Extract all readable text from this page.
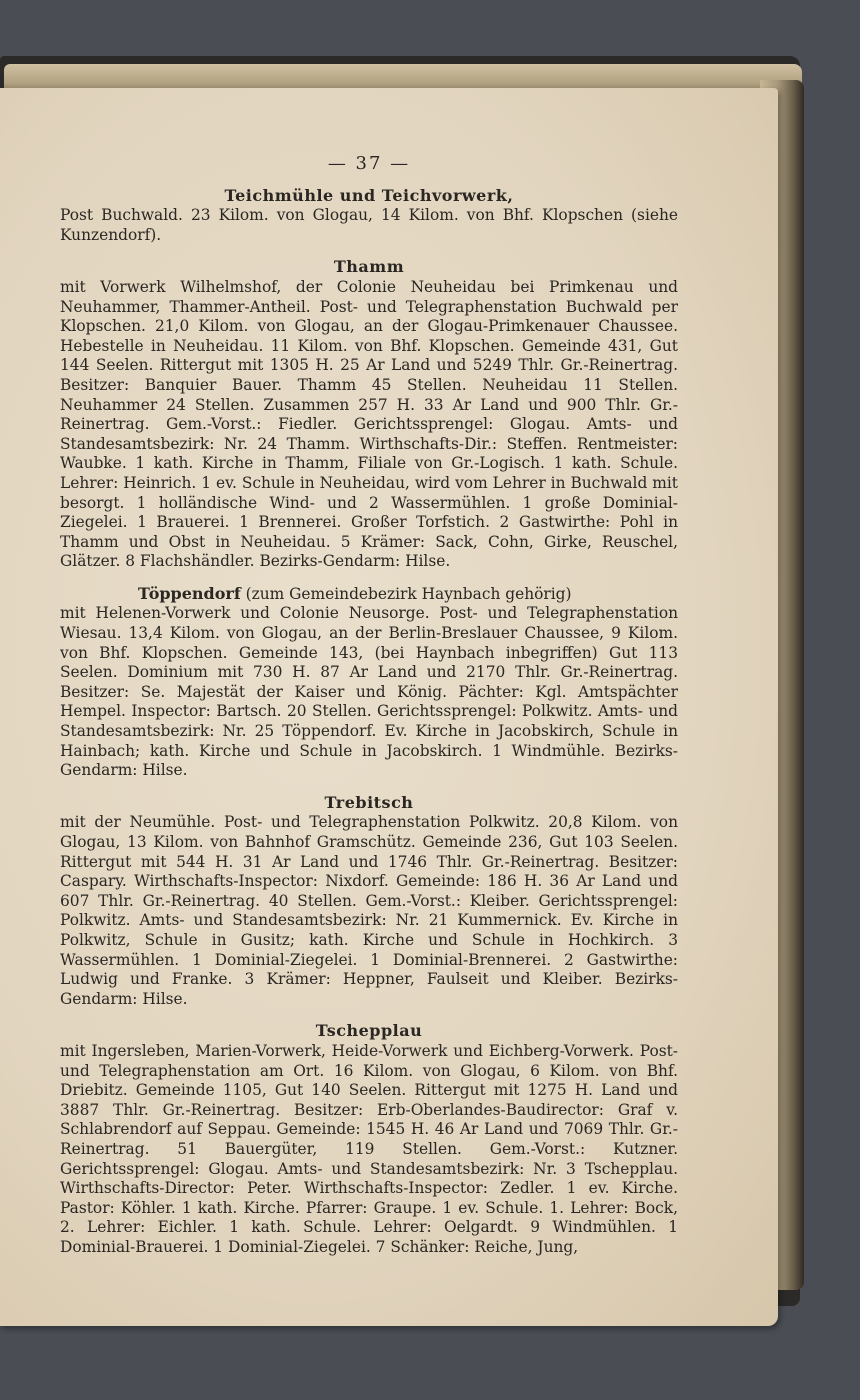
— 37 —
Teichmühle und Teichvorwerk,
Post Buchwald. 23 Kilom. von Glogau, 14 Kilom. von Bhf. Klopschen (siehe Kunzendorf).
Thamm
mit Vorwerk Wilhelmshof, der Colonie Neuheidau bei Primkenau und Neuhammer, Thammer-Antheil. Post- und Telegraphenstation Buchwald per Klopschen. 21,0 Kilom. von Glogau, an der Glogau-Primkenauer Chaussee. Hebestelle in Neuheidau. 11 Kilom. von Bhf. Klopschen. Gemeinde 431, Gut 144 Seelen. Rittergut mit 1305 H. 25 Ar Land und 5249 Thlr. Gr.-Reinertrag. Besitzer: Banquier Bauer. Thamm 45 Stellen. Neuheidau 11 Stellen. Neuhammer 24 Stellen. Zusammen 257 H. 33 Ar Land und 900 Thlr. Gr.-Reinertrag. Gem.-Vorst.: Fiedler. Gerichtssprengel: Glogau. Amts- und Standesamtsbezirk: Nr. 24 Thamm. Wirthschafts-Dir.: Steffen. Rentmeister: Waubke. 1 kath. Kirche in Thamm, Filiale von Gr.-Logisch. 1 kath. Schule. Lehrer: Heinrich. 1 ev. Schule in Neuheidau, wird vom Lehrer in Buchwald mit besorgt. 1 holländische Wind- und 2 Wassermühlen. 1 große Dominial-Ziegelei. 1 Brauerei. 1 Brennerei. Großer Torfstich. 2 Gastwirthe: Pohl in Thamm und Obst in Neuheidau. 5 Krämer: Sack, Cohn, Girke, Reuschel, Glätzer. 8 Flachshändler. Bezirks-Gendarm: Hilse.
Töppendorf (zum Gemeindebezirk Haynbach gehörig)
mit Helenen-Vorwerk und Colonie Neusorge. Post- und Telegraphenstation Wiesau. 13,4 Kilom. von Glogau, an der Berlin-Breslauer Chaussee, 9 Kilom. von Bhf. Klopschen. Gemeinde 143, (bei Haynbach inbegriffen) Gut 113 Seelen. Dominium mit 730 H. 87 Ar Land und 2170 Thlr. Gr.-Reinertrag. Besitzer: Se. Majestät der Kaiser und König. Pächter: Kgl. Amtspächter Hempel. Inspector: Bartsch. 20 Stellen. Gerichtssprengel: Polkwitz. Amts- und Standesamtsbezirk: Nr. 25 Töppendorf. Ev. Kirche in Jacobskirch, Schule in Hainbach; kath. Kirche und Schule in Jacobskirch. 1 Windmühle. Bezirks-Gendarm: Hilse.
Trebitsch
mit der Neumühle. Post- und Telegraphenstation Polkwitz. 20,8 Kilom. von Glogau, 13 Kilom. von Bahnhof Gramschütz. Gemeinde 236, Gut 103 Seelen. Rittergut mit 544 H. 31 Ar Land und 1746 Thlr. Gr.-Reinertrag. Besitzer: Caspary. Wirthschafts-Inspector: Nixdorf. Gemeinde: 186 H. 36 Ar Land und 607 Thlr. Gr.-Reinertrag. 40 Stellen. Gem.-Vorst.: Kleiber. Gerichtssprengel: Polkwitz. Amts- und Standesamtsbezirk: Nr. 21 Kummernick. Ev. Kirche in Polkwitz, Schule in Gusitz; kath. Kirche und Schule in Hochkirch. 3 Wassermühlen. 1 Dominial-Ziegelei. 1 Dominial-Brennerei. 2 Gastwirthe: Ludwig und Franke. 3 Krämer: Heppner, Faulseit und Kleiber. Bezirks-Gendarm: Hilse.
Tschepplau
mit Ingersleben, Marien-Vorwerk, Heide-Vorwerk und Eichberg-Vorwerk. Post- und Telegraphenstation am Ort. 16 Kilom. von Glogau, 6 Kilom. von Bhf. Driebitz. Gemeinde 1105, Gut 140 Seelen. Rittergut mit 1275 H. Land und 3887 Thlr. Gr.-Reinertrag. Besitzer: Erb-Oberlandes-Baudirector: Graf v. Schlabrendorf auf Seppau. Gemeinde: 1545 H. 46 Ar Land und 7069 Thlr. Gr.-Reinertrag. 51 Bauergüter, 119 Stellen. Gem.-Vorst.: Kutzner. Gerichtssprengel: Glogau. Amts- und Standesamtsbezirk: Nr. 3 Tschepplau. Wirthschafts-Director: Peter. Wirthschafts-Inspector: Zedler. 1 ev. Kirche. Pastor: Köhler. 1 kath. Kirche. Pfarrer: Graupe. 1 ev. Schule. 1. Lehrer: Bock, 2. Lehrer: Eichler. 1 kath. Schule. Lehrer: Oelgardt. 9 Windmühlen. 1 Dominial-Brauerei. 1 Dominial-Ziegelei. 7 Schänker: Reiche, Jung,
